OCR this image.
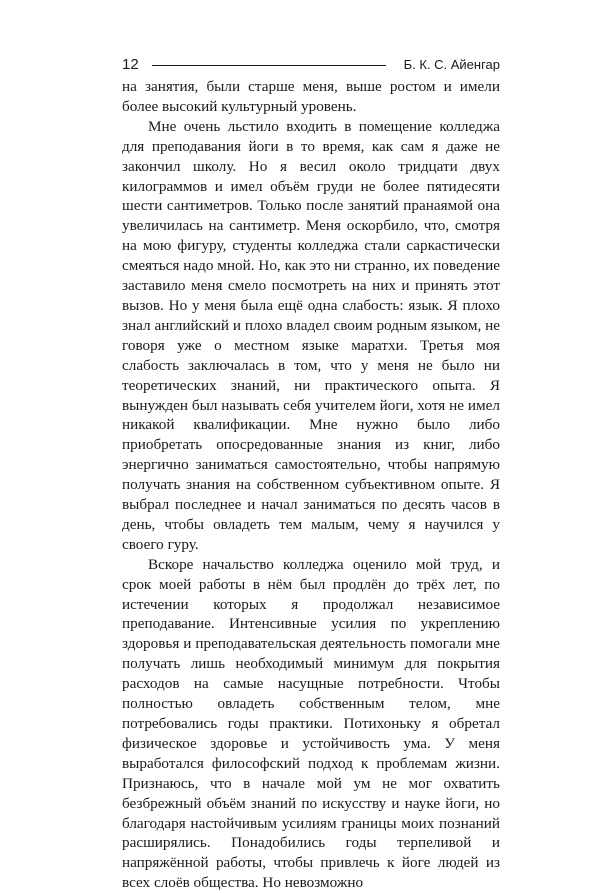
12	Б. К. С. Айенгар

на занятия, были старше меня, выше ростом и имели более высокий культурный уровень.

Мне очень льстило входить в помещение колледжа для преподавания йоги в то время, как сам я даже не закончил школу. Но я весил около тридцати двух килограммов и имел объём груди не более пятидесяти шести сантиметров. Только после занятий пранаямой она увеличилась на сантиметр. Меня оскорбило, что, смотря на мою фигуру, студенты колледжа стали саркастически смеяться надо мной. Но, как это ни странно, их поведение заставило меня смело посмотреть на них и принять этот вызов. Но у меня была ещё одна слабость: язык. Я плохо знал английский и плохо владел своим родным языком, не говоря уже о местном языке маратхи. Третья моя слабость заключалась в том, что у меня не было ни теоретических знаний, ни практического опыта. Я вынужден был называть себя учителем йоги, хотя не имел никакой квалификации. Мне нужно было либо приобретать опосредованные знания из книг, либо энергично заниматься самостоятельно, чтобы напрямую получать знания на собственном субъективном опыте. Я выбрал последнее и начал заниматься по десять часов в день, чтобы овладеть тем малым, чему я научился у своего гуру.

Вскоре начальство колледжа оценило мой труд, и срок моей работы в нём был продлён до трёх лет, по истечении которых я продолжал независимое преподавание. Интенсивные усилия по укреплению здоровья и преподавательская деятельность помогали мне получать лишь необходимый минимум для покрытия расходов на самые насущные потребности. Чтобы полностью овладеть собственным телом, мне потребовались годы практики. Потихоньку я обретал физическое здоровье и устойчивость ума. У меня выработался философский подход к проблемам жизни. Признаюсь, что в начале мой ум не мог охватить безбрежный объём знаний по искусству и науке йоги, но благодаря настойчивым усилиям границы моих познаний расширялись. Понадобились годы терпеливой и напряжённой работы, чтобы привлечь к йоге людей из всех слоёв общества. Но невозможно
